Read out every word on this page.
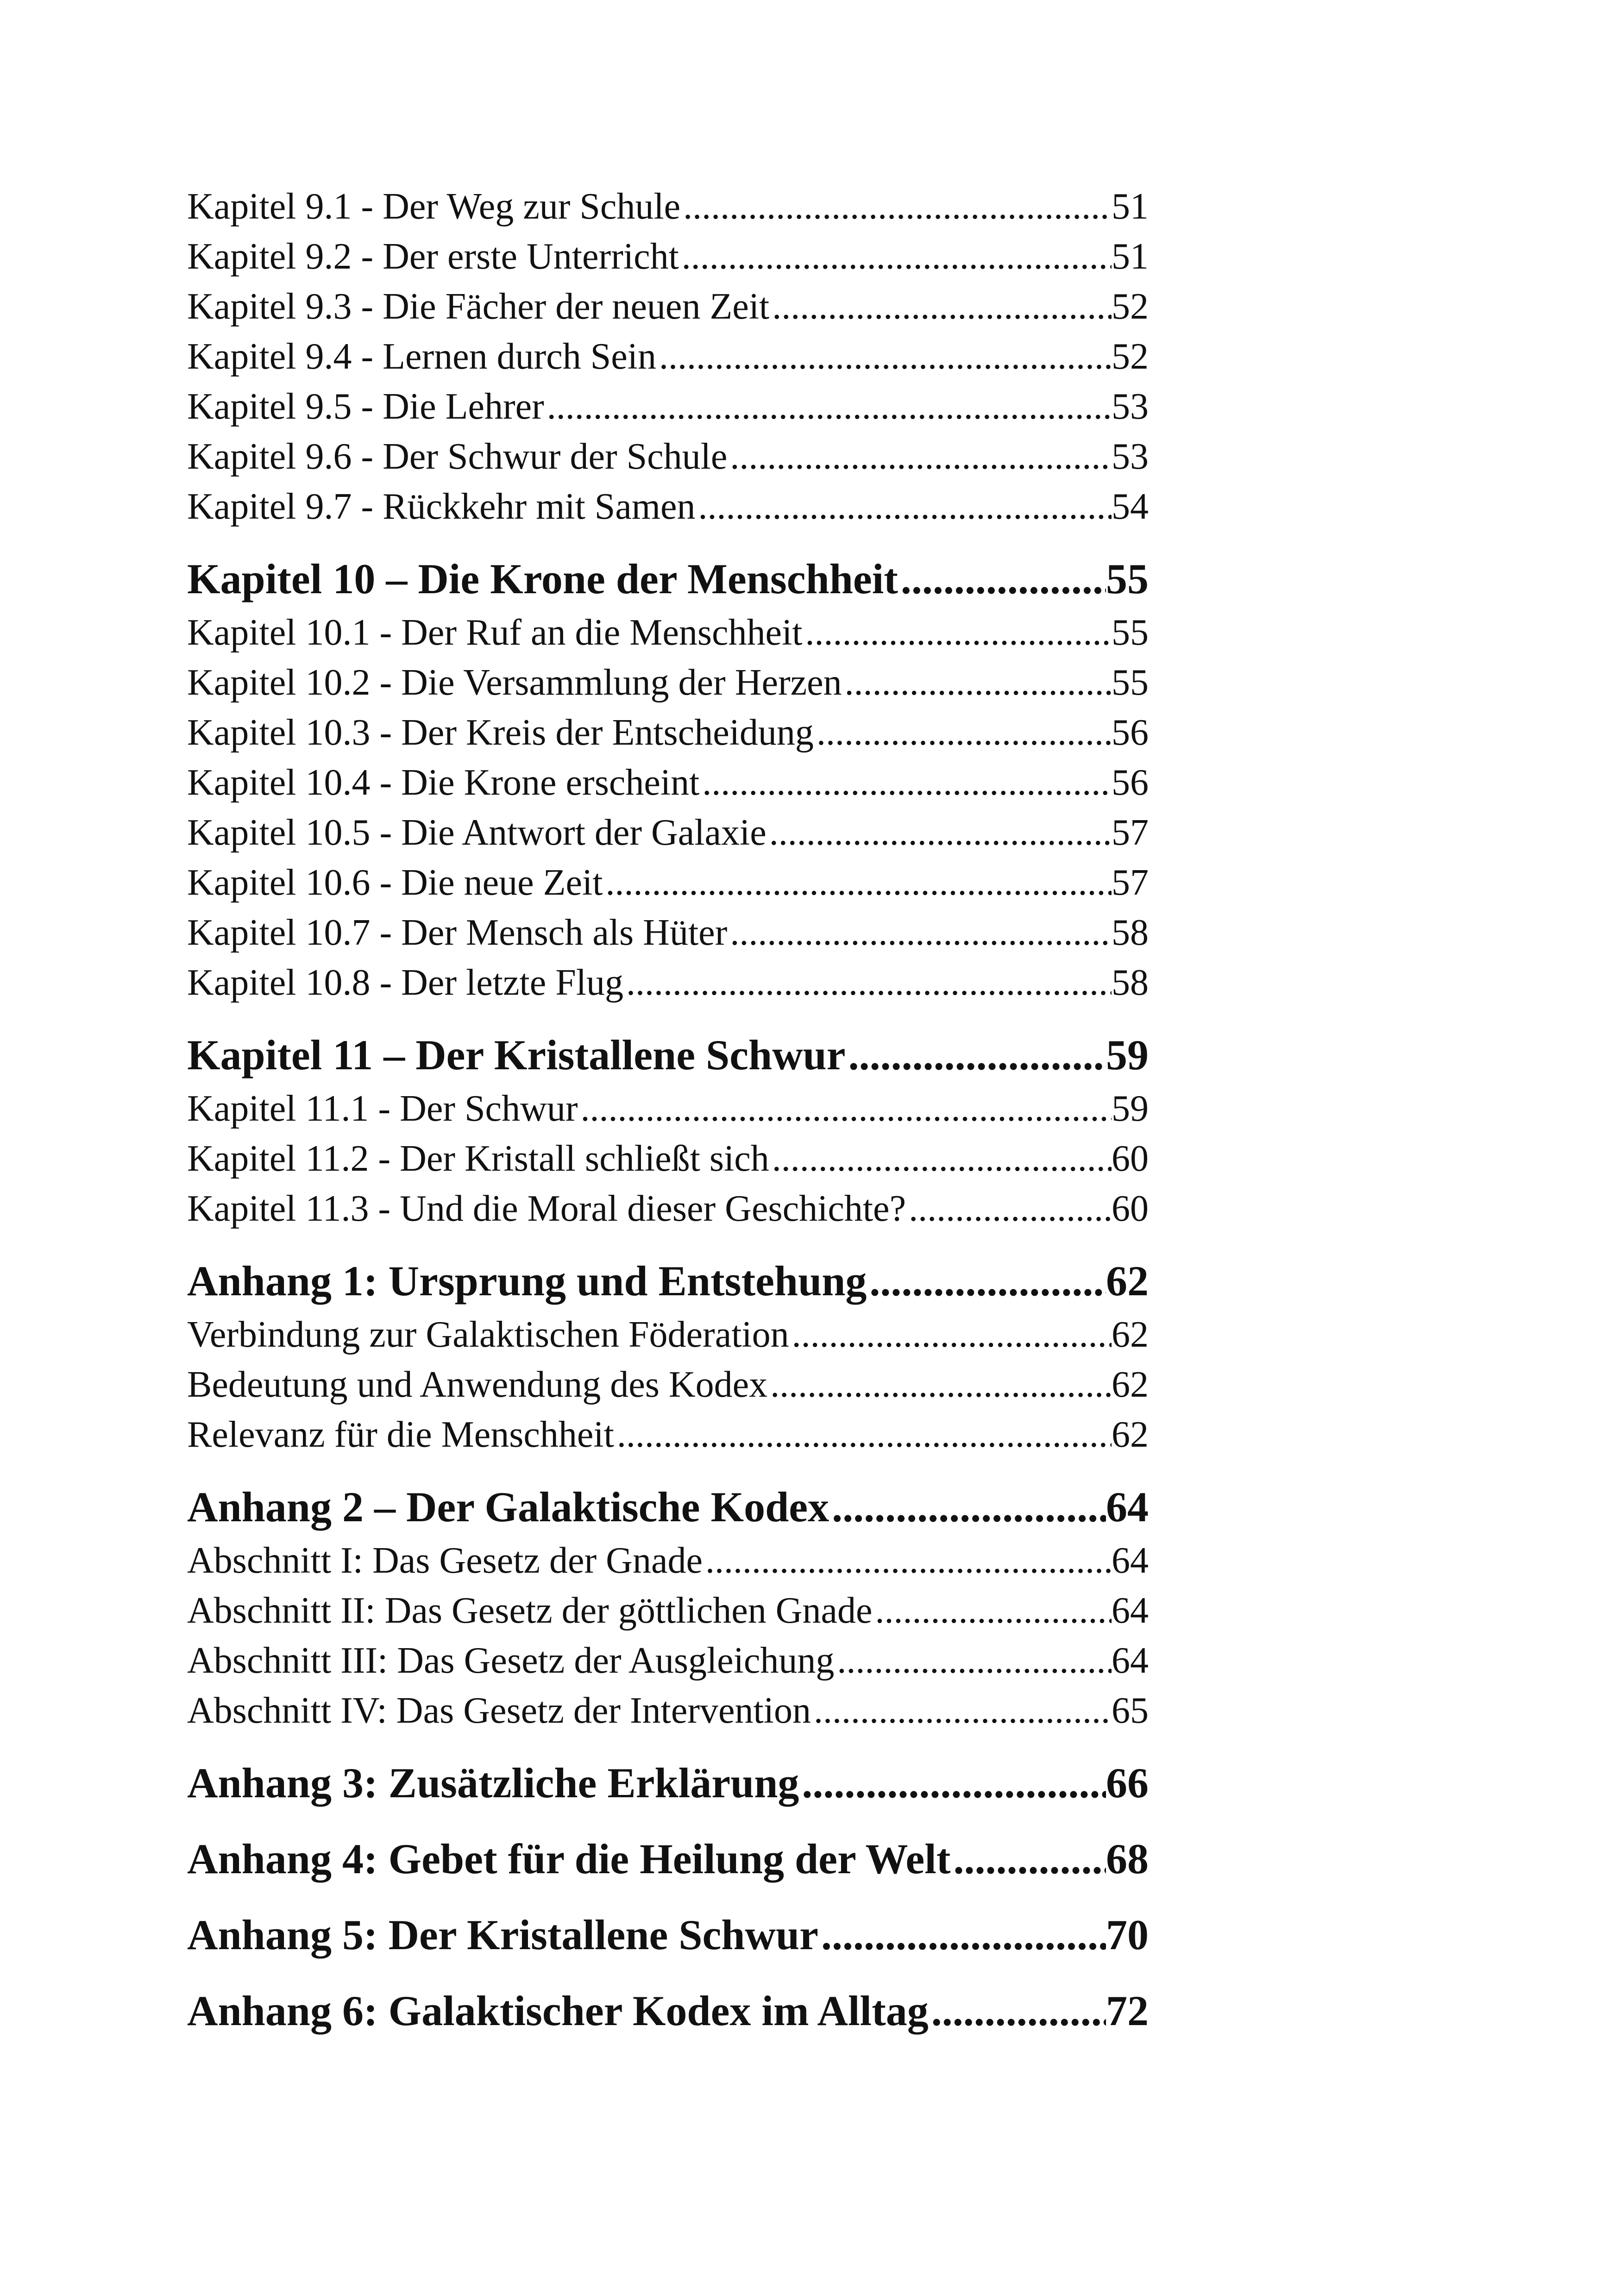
Kapitel 9.1 - Der Weg zur Schule .....	51
Kapitel 9.2 - Der erste Unterricht .....	51
Kapitel 9.3 - Die Fächer der neuen Zeit .....	52
Kapitel 9.4 - Lernen durch Sein .....	52
Kapitel 9.5 - Die Lehrer .....	53
Kapitel 9.6 - Der Schwur der Schule .....	53
Kapitel 9.7 - Rückkehr mit Samen .....	54
Kapitel 10 – Die Krone der Menschheit .....	55
Kapitel 10.1 - Der Ruf an die Menschheit .....	55
Kapitel 10.2 - Die Versammlung der Herzen .....	55
Kapitel 10.3 - Der Kreis der Entscheidung .....	56
Kapitel 10.4 - Die Krone erscheint .....	56
Kapitel 10.5 - Die Antwort der Galaxie .....	57
Kapitel 10.6 - Die neue Zeit .....	57
Kapitel 10.7 - Der Mensch als Hüter .....	58
Kapitel 10.8 - Der letzte Flug .....	58
Kapitel 11 – Der Kristallene Schwur .....	59
Kapitel 11.1 - Der Schwur .....	59
Kapitel 11.2 - Der Kristall schließt sich .....	60
Kapitel 11.3 - Und die Moral dieser Geschichte? .....	60
Anhang 1: Ursprung und Entstehung .....	62
Verbindung zur Galaktischen Föderation .....	62
Bedeutung und Anwendung des Kodex .....	62
Relevanz für die Menschheit .....	62
Anhang 2 – Der Galaktische Kodex .....	64
Abschnitt I: Das Gesetz der Gnade .....	64
Abschnitt II: Das Gesetz der göttlichen Gnade .....	64
Abschnitt III: Das Gesetz der Ausgleichung .....	64
Abschnitt IV: Das Gesetz der Intervention .....	65
Anhang 3: Zusätzliche Erklärung .....	66
Anhang 4: Gebet für die Heilung der Welt .....	68
Anhang 5: Der Kristallene Schwur .....	70
Anhang 6: Galaktischer Kodex im Alltag .....	72
